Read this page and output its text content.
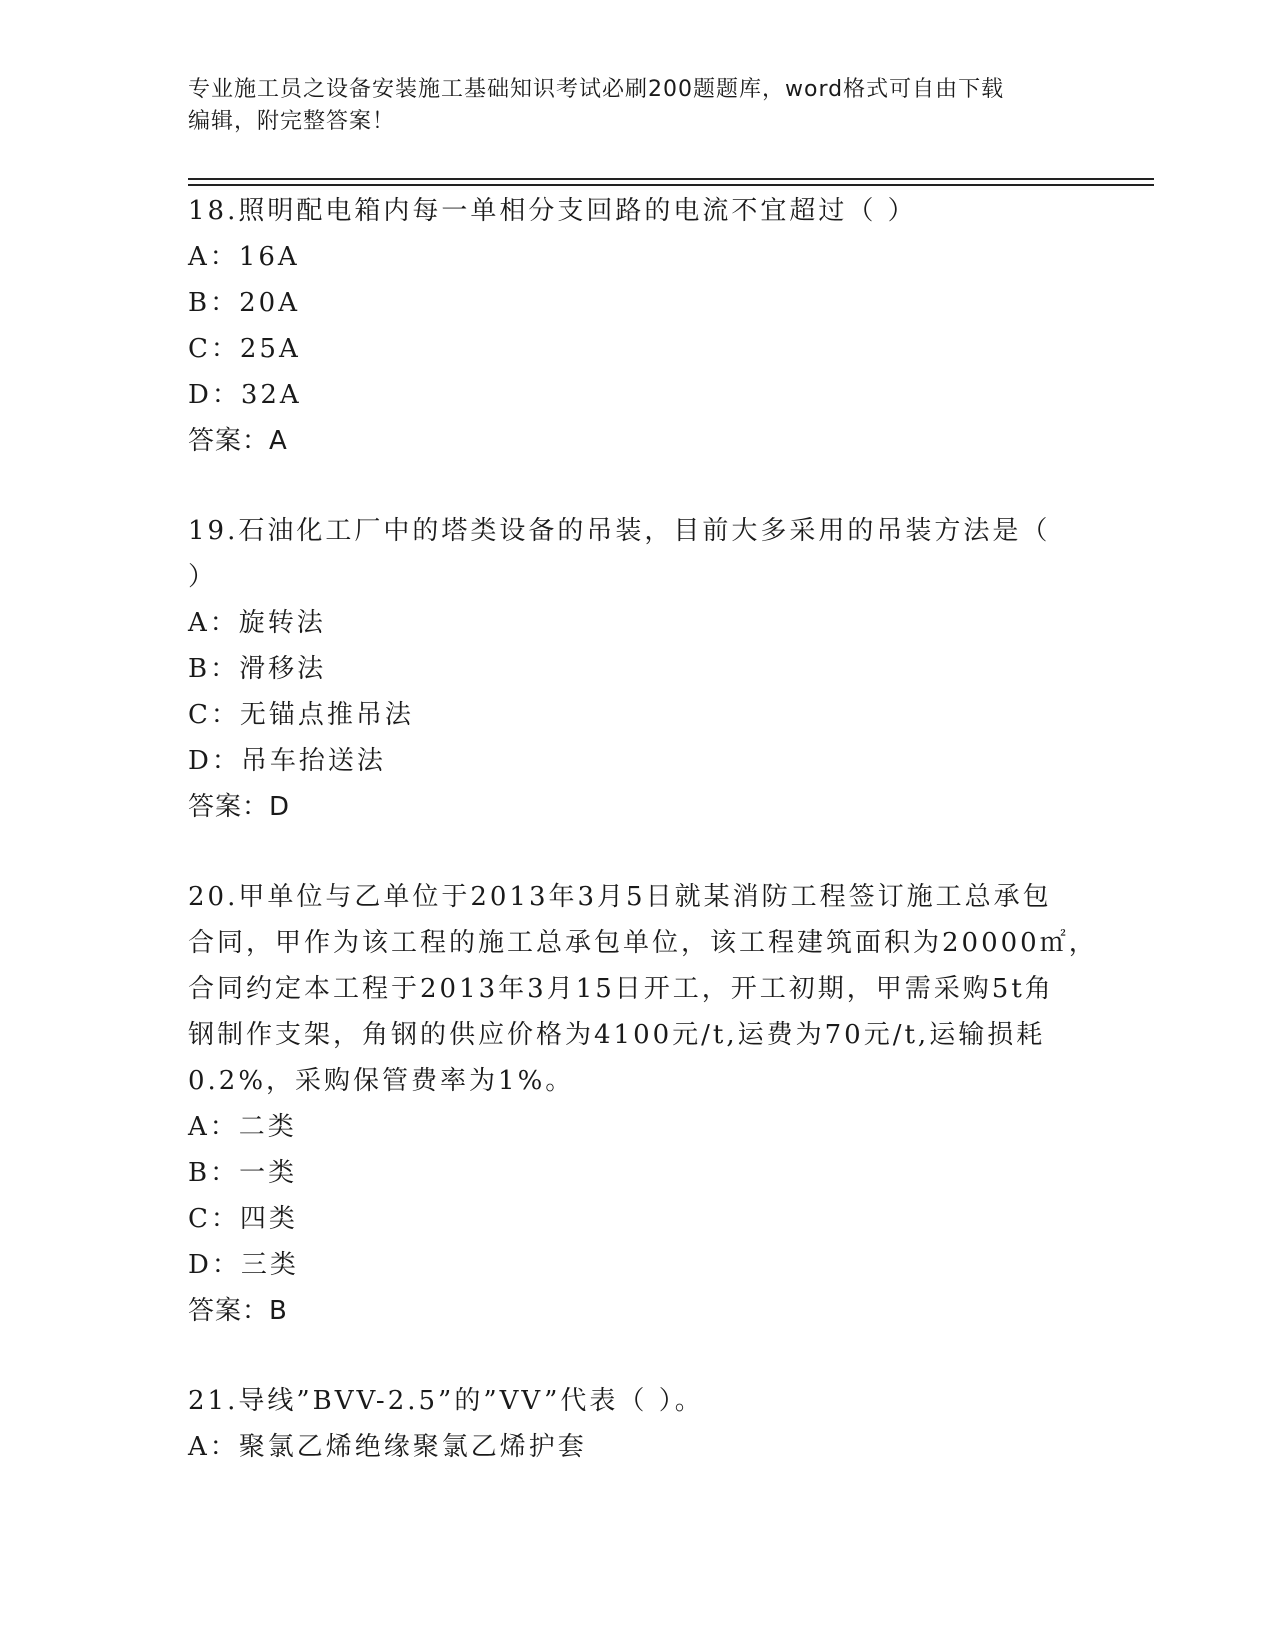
专业施工员之设备安装施工基础知识考试必刷200题题库，word格式可自由下载
编辑，附完整答案！
18.照明配电箱内每一单相分支回路的电流不宜超过（ ）
A：16A
B：20A
C：25A
D：32A
答案：A
19.石油化工厂中的塔类设备的吊装，目前大多采用的吊装方法是（
）
A：旋转法
B：滑移法
C：无锚点推吊法
D：吊车抬送法
答案：D
20.甲单位与乙单位于2013年3月5日就某消防工程签订施工总承包
合同，甲作为该工程的施工总承包单位，该工程建筑面积为20000㎡，
合同约定本工程于2013年3月15日开工，开工初期，甲需采购5t角
钢制作支架，角钢的供应价格为4100元/t,运费为70元/t,运输损耗
0.2%，采购保管费率为1%。
A：二类
B：一类
C：四类
D：三类
答案：B
21.导线”BVV-2.5”的”VV”代表（ ）。
A：聚氯乙烯绝缘聚氯乙烯护套
